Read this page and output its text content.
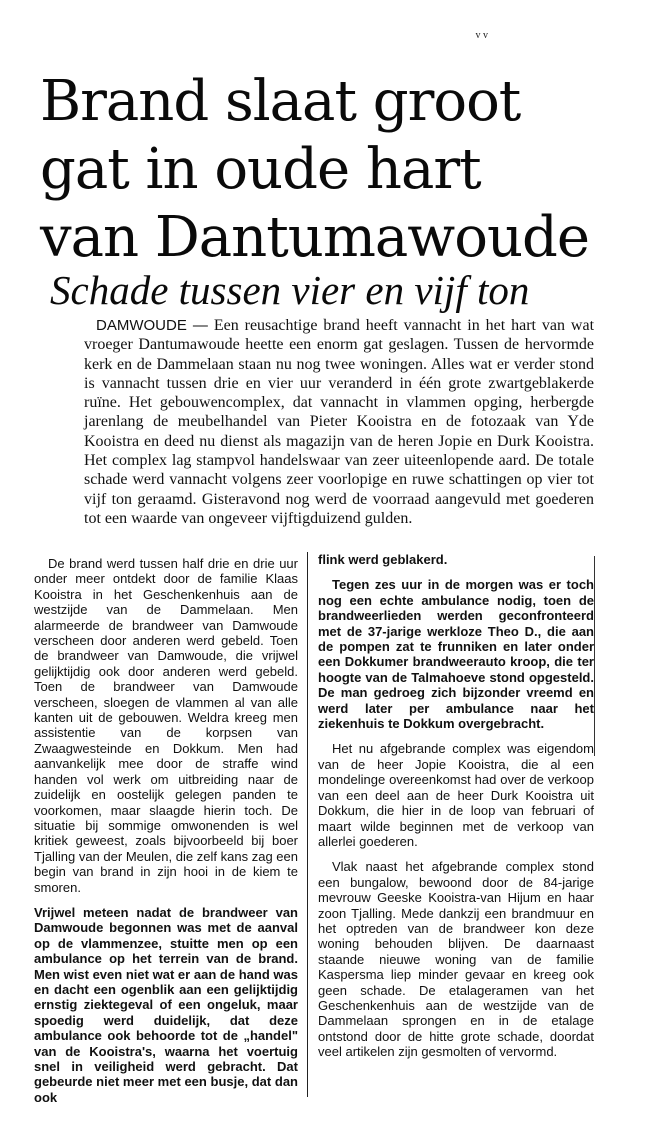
v v
Brand slaat groot
gat in oude hart
van Dantumawoude
Schade tussen vier en vijf ton

DAMWOUDE — Een reusachtige brand heeft vannacht in het hart van wat vroeger Dantumawoude heette een enorm gat geslagen. Tussen de hervormde kerk en de Dammelaan staan nu nog twee woningen. Alles wat er verder stond is vannacht tussen drie en vier uur veranderd in één grote zwartgeblakerde ruïne. Het gebouwencomplex, dat vannacht in vlammen opging, herbergde jarenlang de meubelhandel van Pieter Kooistra en de fotozaak van Yde Kooistra en deed nu dienst als magazijn van de heren Jopie en Durk Kooistra. Het complex lag stampvol handelswaar van zeer uiteenlopende aard. De totale schade werd vannacht volgens zeer voorlopige en ruwe schattingen op vier tot vijf ton geraamd. Gisteravond nog werd de voorraad aangevuld met goederen tot een waarde van ongeveer vijftigduizend gulden.

De brand werd tussen half drie en drie uur onder meer ontdekt door de familie Klaas Kooistra in het Geschenkenhuis aan de westzijde van de Dammelaan. Men alarmeerde de brandweer van Damwoude verscheen door anderen werd gebeld. Toen de brandweer van Damwoude, die vrijwel gelijktijdig ook door anderen werd gebeld. Toen de brandweer van Damwoude verscheen, sloegen de vlammen al van alle kanten uit de gebouwen. Weldra kreeg men assistentie van de korpsen van Zwaagwesteinde en Dokkum. Men had aanvankelijk mee door de straffe wind handen vol werk om uitbreiding naar de zuidelijk en oostelijk gelegen panden te voorkomen, maar slaagde hierin toch. De situatie bij sommige omwonenden is wel kritiek geweest, zoals bijvoorbeeld bij boer Tjalling van der Meulen, die zelf kans zag een begin van brand in zijn hooi in de kiem te smoren.

Vrijwel meteen nadat de brandweer van Damwoude begonnen was met de aanval op de vlammenzee, stuitte men op een ambulance op het terrein van de brand. Men wist even niet wat er aan de hand was en dacht een ogenblik aan een gelijktijdig ernstig ziektegeval of een ongeluk, maar spoedig werd duidelijk, dat deze ambulance ook behoorde tot de „handel" van de Kooistra's, waarna het voertuig snel in veiligheid werd gebracht. Dat gebeurde niet meer met een busje, dat dan ook

flink werd geblakerd.

Tegen zes uur in de morgen was er toch nog een echte ambulance nodig, toen de brandweerlieden werden geconfronteerd met de 37-jarige werkloze Theo D., die aan de pompen zat te frunniken en later onder een Dokkumer brandweerauto kroop, die ter hoogte van de Talmahoeve stond opgesteld. De man gedroeg zich bijzonder vreemd en werd later per ambulance naar het ziekenhuis te Dokkum overgebracht.

Het nu afgebrande complex was eigendom van de heer Jopie Kooistra, die al een mondelinge overeenkomst had over de verkoop van een deel aan de heer Durk Kooistra uit Dokkum, die hier in de loop van februari of maart wilde beginnen met de verkoop van allerlei goederen.

Vlak naast het afgebrande complex stond een bungalow, bewoond door de 84-jarige mevrouw Geeske Kooistra-van Hijum en haar zoon Tjalling. Mede dankzij een brandmuur en het optreden van de brandweer kon deze woning behouden blijven. De daarnaast staande nieuwe woning van de familie Kaspersma liep minder gevaar en kreeg ook geen schade. De etalageramen van het Geschenkenhuis aan de westzijde van de Dammelaan sprongen en in de etalage ontstond door de hitte grote schade, doordat veel artikelen zijn gesmolten of vervormd.
